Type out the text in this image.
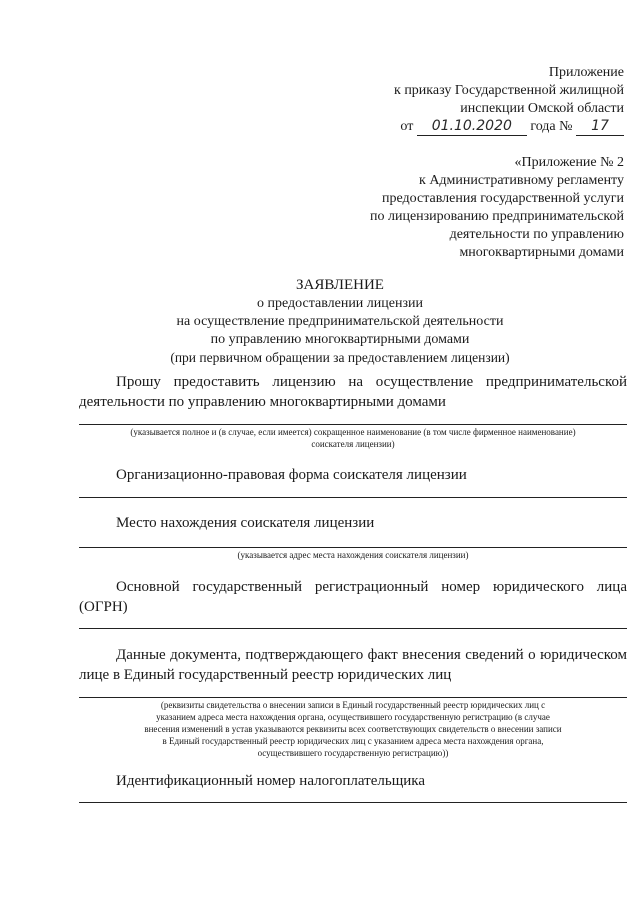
Приложение
к приказу Государственной жилищной
инспекции Омской области
от 01.10.2020 года № 17
«Приложение № 2
к Административному регламенту
предоставления государственной услуги
по лицензированию предпринимательской
деятельности по управлению
многоквартирными домами
ЗАЯВЛЕНИЕ
о предоставлении лицензии
на осуществление предпринимательской деятельности
по управлению многоквартирными домами
(при первичном обращении за предоставлением лицензии)
Прошу предоставить лицензию на осуществление предпринимательской
деятельности по управлению многоквартирными домами
(указывается полное и (в случае, если имеется) сокращенное наименование (в том числе фирменное наименование)
соискателя лицензии)
Организационно-правовая форма соискателя лицензии
Место нахождения соискателя лицензии
(указывается адрес места нахождения соискателя лицензии)
Основной государственный регистрационный номер юридического лица
(ОГРН)
Данные документа, подтверждающего факт внесения сведений о юридическом
лице в Единый государственный реестр юридических лиц
(реквизиты свидетельства о внесении записи в Единый государственный реестр юридических лиц с
указанием адреса места нахождения органа, осуществившего государственную регистрацию (в случае
внесения изменений в устав указываются реквизиты всех соответствующих свидетельств о внесении записи
в Единый государственный реестр юридических лиц с указанием адреса места нахождения органа,
осуществившего государственную регистрацию))
Идентификационный номер налогоплательщика
